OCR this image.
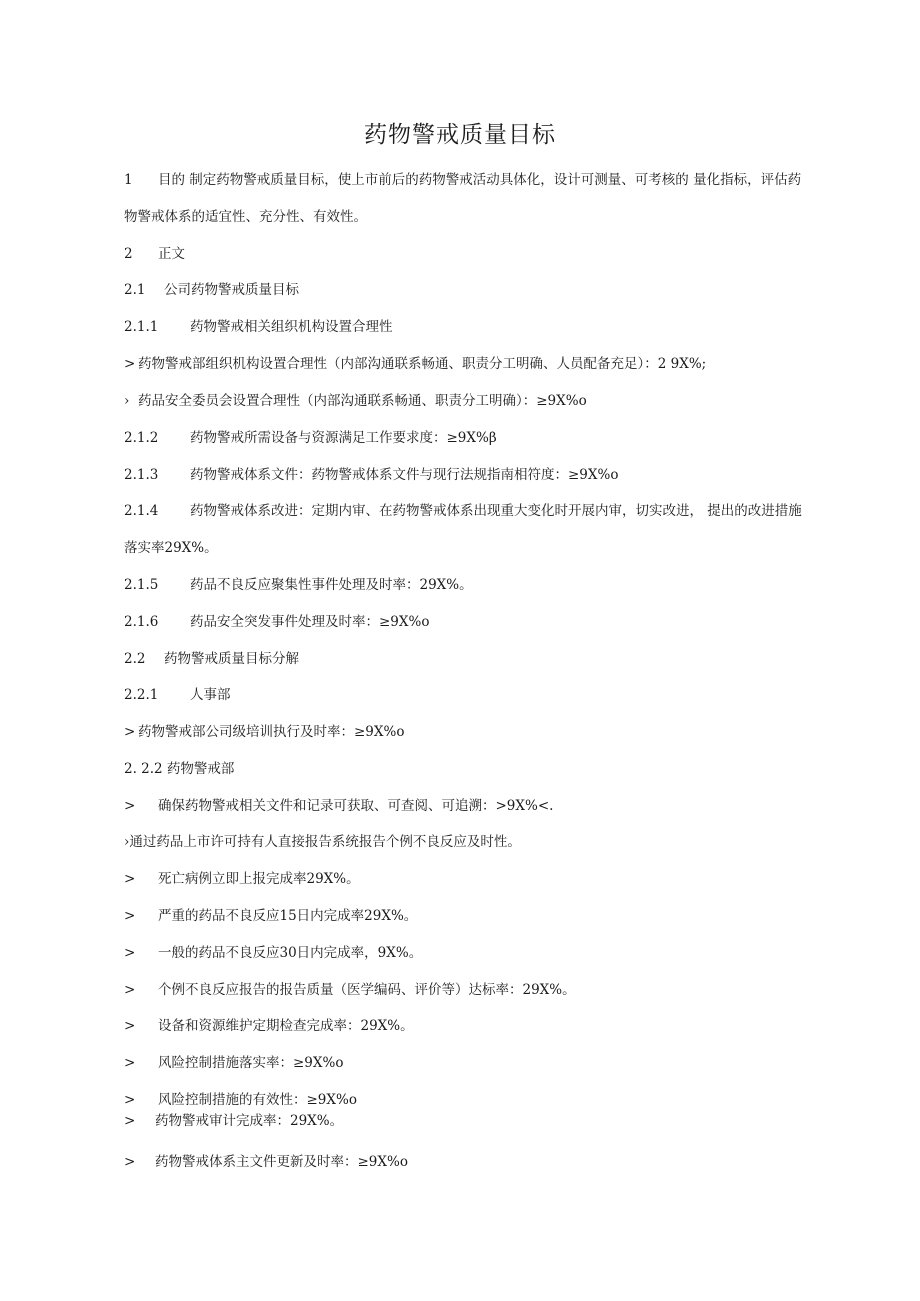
药物警戒质量目标
1 目的 制定药物警戒质量目标，使上市前后的药物警戒活动具体化，设计可测量、可考核的 量化指标，评估药
物警戒体系的适宜性、充分性、有效性。
2 正文
2.1 公司药物警戒质量目标
2.1.1 药物警戒相关组织机构设置合理性
> 药物警戒部组织机构设置合理性（内部沟通联系畅通、职责分工明确、人员配备充足）：2 9X%;
› 药品安全委员会设置合理性（内部沟通联系畅通、职责分工明确）：≥9X%o
2.1.2 药物警戒所需设备与资源满足工作要求度：≥9X%β
2.1.3 药物警戒体系文件：药物警戒体系文件与现行法规指南相符度：≥9X%o
2.1.4 药物警戒体系改进：定期内审、在药物警戒体系出现重大变化时开展内审，切实改进， 提出的改进措施
落实率29X%。
2.1.5 药品不良反应聚集性事件处理及时率：29X%。
2.1.6 药品安全突发事件处理及时率：≥9X%o
2.2 药物警戒质量目标分解
2.2.1 人事部
> 药物警戒部公司级培训执行及时率：≥9X%o
2. 2.2 药物警戒部
> 确保药物警戒相关文件和记录可获取、可查阅、可追溯：>9X%<.
›通过药品上市许可持有人直接报告系统报告个例不良反应及时性。
> 死亡病例立即上报完成率29X%。
> 严重的药品不良反应15日内完成率29X%。
> 一般的药品不良反应30日内完成率，9X%。
> 个例不良反应报告的报告质量（医学编码、评价等）达标率：29X%。
> 设备和资源维护定期检查完成率：29X%。
> 风险控制措施落实率：≥9X%o
> 风险控制措施的有效性：≥9X%o
> 药物警戒审计完成率：29X%。
> 药物警戒体系主文件更新及时率：≥9X%o
